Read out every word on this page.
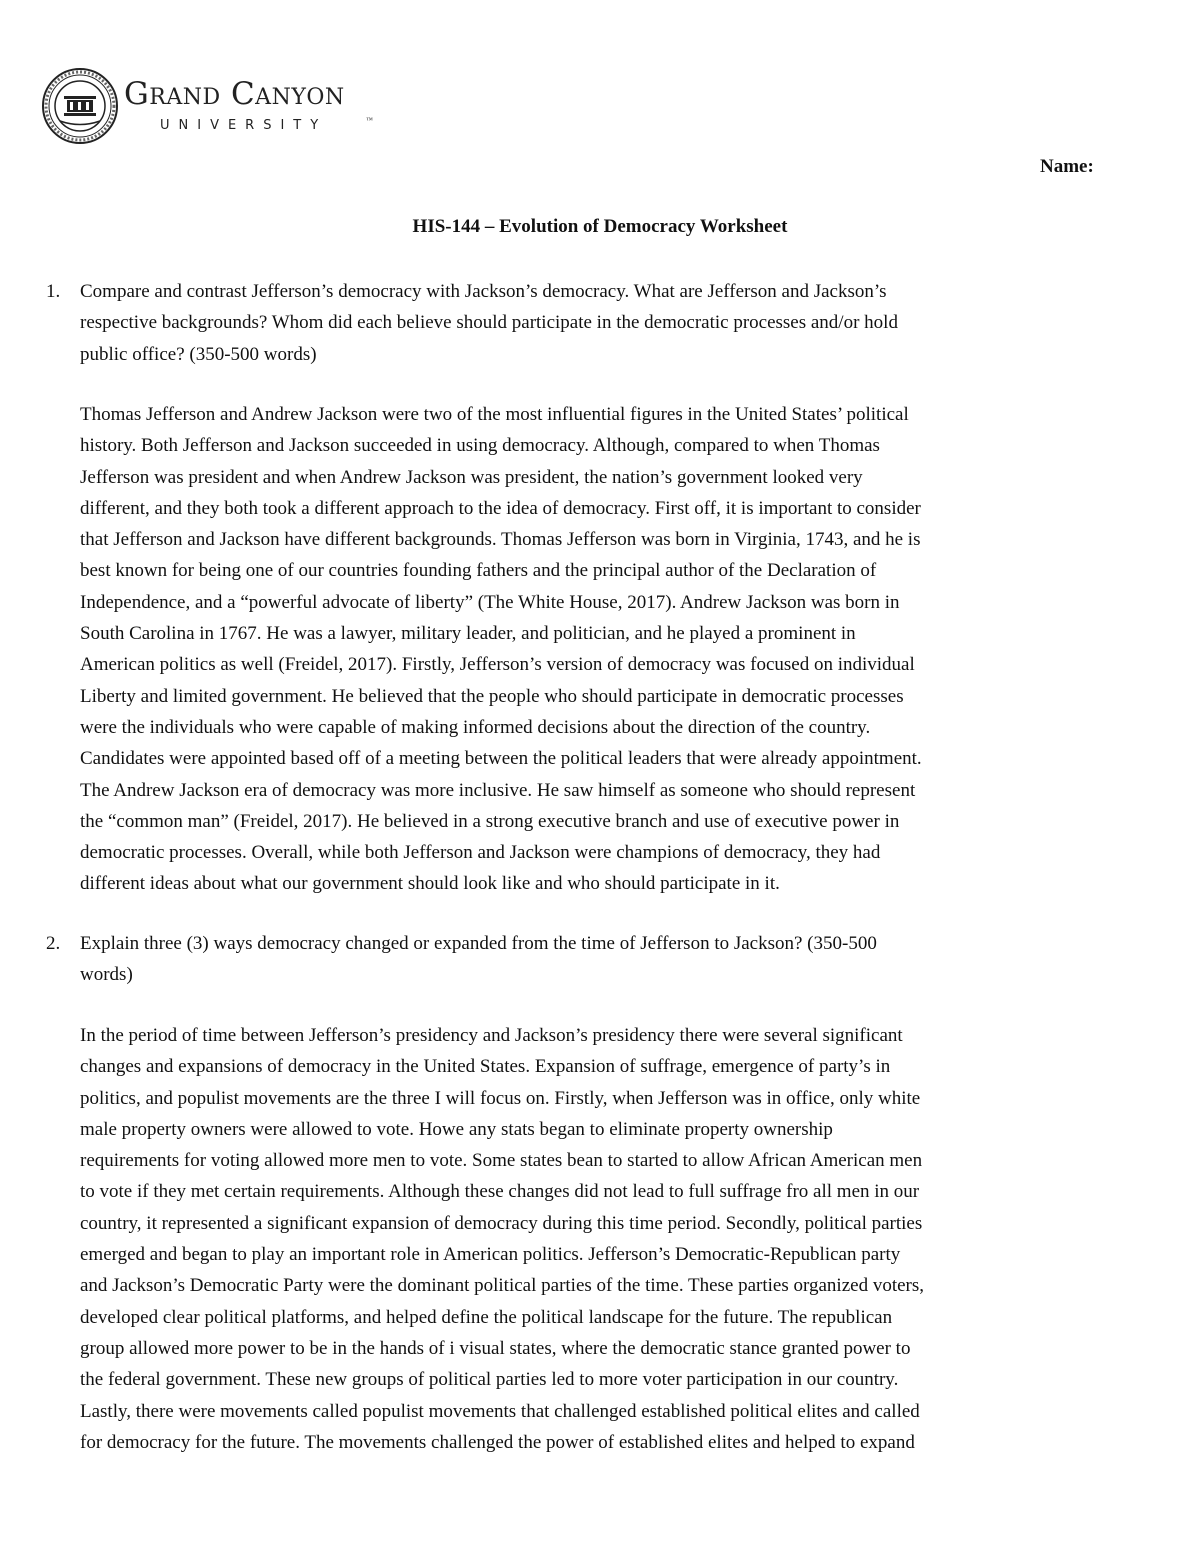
Grand Canyon
UNIVERSITY	™
Name:
HIS-144 – Evolution of Democracy Worksheet
1. Compare and contrast Jefferson’s democracy with Jackson’s democracy. What are Jefferson and Jackson’s
respective backgrounds? Whom did each believe should participate in the democratic processes and/or hold
public office? (350-500 words)
Thomas Jefferson and Andrew Jackson were two of the most influential figures in the United States’ political
history. Both Jefferson and Jackson succeeded in using democracy. Although, compared to when Thomas
Jefferson was president and when Andrew Jackson was president, the nation’s government looked very
different, and they both took a different approach to the idea of democracy. First off, it is important to consider
that Jefferson and Jackson have different backgrounds. Thomas Jefferson was born in Virginia, 1743, and he is
best known for being one of our countries founding fathers and the principal author of the Declaration of
Independence, and a “powerful advocate of liberty” (The White House, 2017). Andrew Jackson was born in
South Carolina in 1767. He was a lawyer, military leader, and politician, and he played a prominent in
American politics as well (Freidel, 2017). Firstly, Jefferson’s version of democracy was focused on individual
Liberty and limited government. He believed that the people who should participate in democratic processes
were the individuals who were capable of making informed decisions about the direction of the country.
Candidates were appointed based off of a meeting between the political leaders that were already appointment.
The Andrew Jackson era of democracy was more inclusive. He saw himself as someone who should represent
the “common man” (Freidel, 2017). He believed in a strong executive branch and use of executive power in
democratic processes. Overall, while both Jefferson and Jackson were champions of democracy, they had
different ideas about what our government should look like and who should participate in it.
2. Explain three (3) ways democracy changed or expanded from the time of Jefferson to Jackson? (350-500
words)
In the period of time between Jefferson’s presidency and Jackson’s presidency there were several significant
changes and expansions of democracy in the United States. Expansion of suffrage, emergence of party’s in
politics, and populist movements are the three I will focus on. Firstly, when Jefferson was in office, only white
male property owners were allowed to vote. Howe any stats began to eliminate property ownership
requirements for voting allowed more men to vote. Some states bean to started to allow African American men
to vote if they met certain requirements. Although these changes did not lead to full suffrage fro all men in our
country, it represented a significant expansion of democracy during this time period. Secondly, political parties
emerged and began to play an important role in American politics. Jefferson’s Democratic-Republican party
and Jackson’s Democratic Party were the dominant political parties of the time. These parties organized voters,
developed clear political platforms, and helped define the political landscape for the future. The republican
group allowed more power to be in the hands of i visual states, where the democratic stance granted power to
the federal government. These new groups of political parties led to more voter participation in our country.
Lastly, there were movements called populist movements that challenged established political elites and called
for democracy for the future. The movements challenged the power of established elites and helped to expand
